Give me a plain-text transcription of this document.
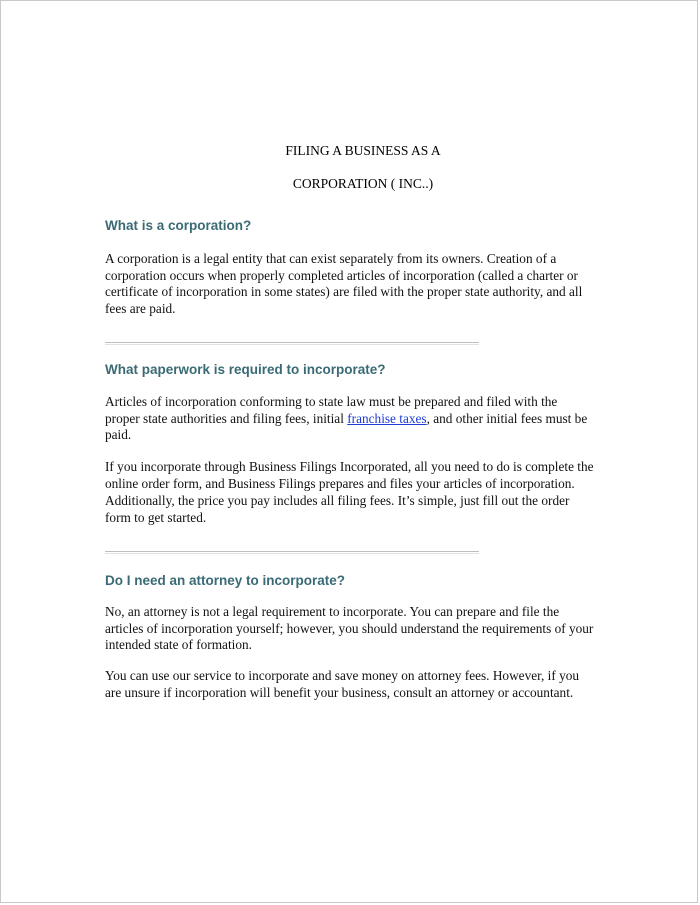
FILING A BUSINESS AS A
CORPORATION ( INC..)
What is a corporation?

A corporation is a legal entity that can exist separately from its owners. Creation of a corporation occurs when properly completed articles of incorporation (called a charter or certificate of incorporation in some states) are filed with the proper state authority, and all fees are paid.

What paperwork is required to incorporate?

Articles of incorporation conforming to state law must be prepared and filed with the proper state authorities and filing fees, initial franchise taxes, and other initial fees must be paid.

If you incorporate through Business Filings Incorporated, all you need to do is complete the online order form, and Business Filings prepares and files your articles of incorporation. Additionally, the price you pay includes all filing fees. It’s simple, just fill out the order form to get started.

Do I need an attorney to incorporate?

No, an attorney is not a legal requirement to incorporate. You can prepare and file the articles of incorporation yourself; however, you should understand the requirements of your intended state of formation.

You can use our service to incorporate and save money on attorney fees. However, if you are unsure if incorporation will benefit your business, consult an attorney or accountant.
